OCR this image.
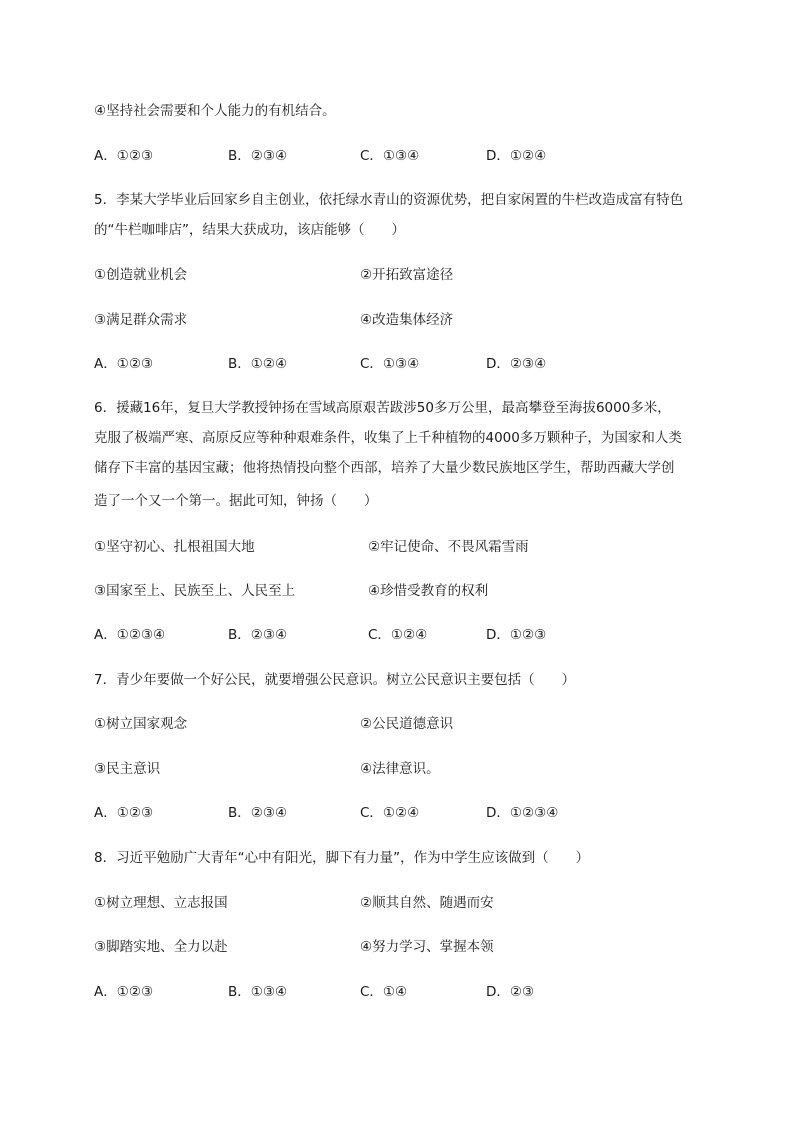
④坚持社会需要和个人能力的有机结合。
A．①②③	B．②③④	C．①③④	D．①②④
5．李某大学毕业后回家乡自主创业，依托绿水青山的资源优势，把自家闲置的牛栏改造成富有特色
的“牛栏咖啡店”，结果大获成功，该店能够（　　）
①创造就业机会	②开拓致富途径
③满足群众需求	④改造集体经济
A．①②③	B．①②④	C．①③④	D．②③④
6．援藏16年，复旦大学教授钟扬在雪域高原艰苦跋涉50多万公里，最高攀登至海拔6000多米，
克服了极端严寒、高原反应等种种艰难条件，收集了上千种植物的4000多万颗种子，为国家和人类
储存下丰富的基因宝藏；他将热情投向整个西部，培养了大量少数民族地区学生，帮助西藏大学创
造了一个又一个第一。据此可知，钟扬（　　）
①坚守初心、扎根祖国大地	②牢记使命、不畏风霜雪雨
③国家至上、民族至上、人民至上	④珍惜受教育的权利
A．①②③④	B．②③④	C．①②④	D．①②③
7．青少年要做一个好公民，就要增强公民意识。树立公民意识主要包括（　　）
①树立国家观念	②公民道德意识
③民主意识	④法律意识。
A．①②③	B．②③④	C．①②④	D．①②③④
8．习近平勉励广大青年“心中有阳光，脚下有力量”，作为中学生应该做到（　　）
①树立理想、立志报国	②顺其自然、随遇而安
③脚踏实地、全力以赴	④努力学习、掌握本领
A．①②③	B．①③④	C．①④	D．②③
